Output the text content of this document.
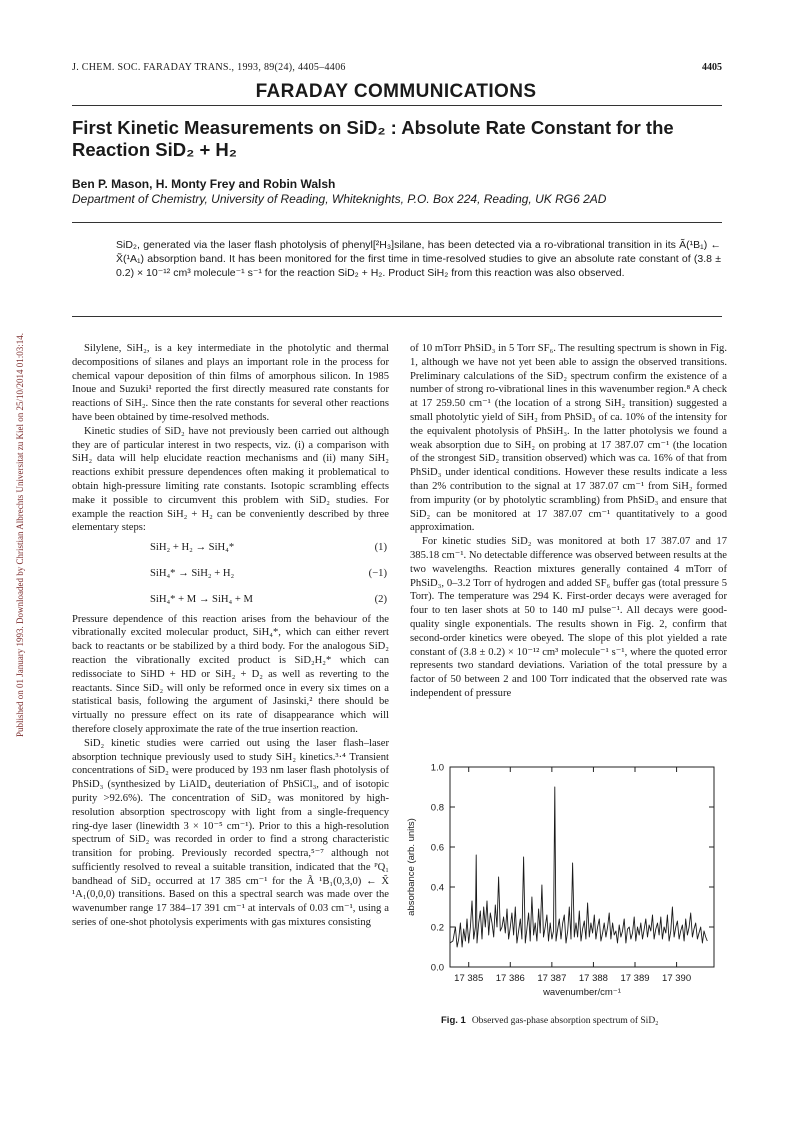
Published on 01 January 1993. Downloaded by Christian Albrechts Universitat zu Kiel on 25/10/2014 01:03:14.
J. CHEM. SOC. FARADAY TRANS., 1993, 89(24), 4405–4406	4405
FARADAY COMMUNICATIONS
First Kinetic Measurements on SiD₂ : Absolute Rate Constant for the Reaction SiD₂ + H₂
Ben P. Mason, H. Monty Frey and Robin Walsh
Department of Chemistry, University of Reading, Whiteknights, P.O. Box 224, Reading, UK RG6 2AD
SiD₂, generated via the laser flash photolysis of phenyl[²H₃]silane, has been detected via a ro-vibrational transition in its Ã(¹B₁) ← X̃(¹A₁) absorption band. It has been monitored for the first time in time-resolved studies to give an absolute rate constant of (3.8 ± 0.2) × 10⁻¹² cm³ molecule⁻¹ s⁻¹ for the reaction SiD₂ + H₂. Product SiH₂ from this reaction was also observed.

Silylene, SiH₂, is a key intermediate in the photolytic and thermal decompositions of silanes and plays an important role in the process for chemical vapour deposition of thin films of amorphous silicon. In 1985 Inoue and Suzuki¹ reported the first directly measured rate constants for reactions of SiH₂. Since then the rate constants for several other reactions have been obtained by time-resolved methods.

Kinetic studies of SiD₂ have not previously been carried out although they are of particular interest in two respects, viz. (i) a comparison with SiH₂ data will help elucidate reaction mechanisms and (ii) many SiH₂ reactions exhibit pressure dependences often making it problematical to obtain high-pressure limiting rate constants. Isotopic scrambling effects make it possible to circumvent this problem with SiD₂ studies. For example the reaction SiH₂ + H₂ can be conveniently described by three elementary steps:

SiH₂ + H₂ → SiH₄*	(1)
SiH₄* → SiH₂ + H₂	(−1)
SiH₄* + M → SiH₄ + M	(2)

Pressure dependence of this reaction arises from the behaviour of the vibrationally excited molecular product, SiH₄*, which can either revert back to reactants or be stabilized by a third body. For the analogous SiD₂ reaction the vibrationally excited product is SiD₂H₂* which can redissociate to SiHD + HD or SiH₂ + D₂ as well as reverting to the reactants. Since SiD₂ will only be reformed once in every six times on a statistical basis, following the argument of Jasinski,² there should be virtually no pressure effect on its rate of disappearance which will therefore closely approximate the rate of the true insertion reaction.

SiD₂ kinetic studies were carried out using the laser flash–laser absorption technique previously used to study SiH₂ kinetics.³·⁴ Transient concentrations of SiD₂ were produced by 193 nm laser flash photolysis of PhSiD₃ (synthesized by LiAlD₄ deuteriation of PhSiCl₃, and of isotopic purity >92.6%). The concentration of SiD₂ was monitored by high-resolution absorption spectroscopy with light from a single-frequency ring-dye laser (linewidth 3 × 10⁻⁵ cm⁻¹). Prior to this a high-resolution spectrum of SiD₂ was recorded in order to find a strong characteristic transition for probing. Previously recorded spectra,⁵⁻⁷ although not sufficiently resolved to reveal a suitable transition, indicated that the ᴾQ₁ bandhead of SiD₂ occurred at 17 385 cm⁻¹ for the Ã ¹B₁(0,3,0) ← X̃ ¹A₁(0,0,0) transitions. Based on this a spectral search was made over the wavenumber range 17 384–17 391 cm⁻¹ at intervals of 0.03 cm⁻¹, using a series of one-shot photolysis experiments with gas mixtures consisting

of 10 mTorr PhSiD₃ in 5 Torr SF₆. The resulting spectrum is shown in Fig. 1, although we have not yet been able to assign the observed transitions. Preliminary calculations of the SiD₂ spectrum confirm the existence of a number of strong ro-vibrational lines in this wavenumber region.⁸ A check at 17 259.50 cm⁻¹ (the location of a strong SiH₂ transition) suggested a small photolytic yield of SiH₂ from PhSiD₃ of ca. 10% of the intensity for the equivalent photolysis of PhSiH₃. In the latter photolysis we found a weak absorption due to SiH₂ on probing at 17 387.07 cm⁻¹ (the location of the strongest SiD₂ transition observed) which was ca. 16% of that from PhSiD₃ under identical conditions. However these results indicate a less than 2% contribution to the signal at 17 387.07 cm⁻¹ from SiH₂ formed from impurity (or by photolytic scrambling) from PhSiD₃ and ensure that SiD₂ can be monitored at 17 387.07 cm⁻¹ quantitatively to a good approximation.

For kinetic studies SiD₂ was monitored at both 17 387.07 and 17 385.18 cm⁻¹. No detectable difference was observed between results at the two wavelengths. Reaction mixtures generally contained 4 mTorr of PhSiD₃, 0–3.2 Torr of hydrogen and added SF₆ buffer gas (total pressure 5 Torr). The temperature was 294 K. First-order decays were averaged for four to ten laser shots at 50 to 140 mJ pulse⁻¹. All decays were good-quality single exponentials. The results shown in Fig. 2, confirm that second-order kinetics were obeyed. The slope of this plot yielded a rate constant of (3.8 ± 0.2) × 10⁻¹² cm³ molecule⁻¹ s⁻¹, where the quoted error represents two standard deviations. Variation of the total pressure by a factor of 50 between 2 and 100 Torr indicated that the observed rate was independent of pressure

0.0
0.2
0.4
0.6
0.8
1.0
17 385 17 386 17 387 17 388 17 389 17 390
wavenumber/cm⁻¹
absorbance (arb. units)
Fig. 1 Observed gas-phase absorption spectrum of SiD₂
